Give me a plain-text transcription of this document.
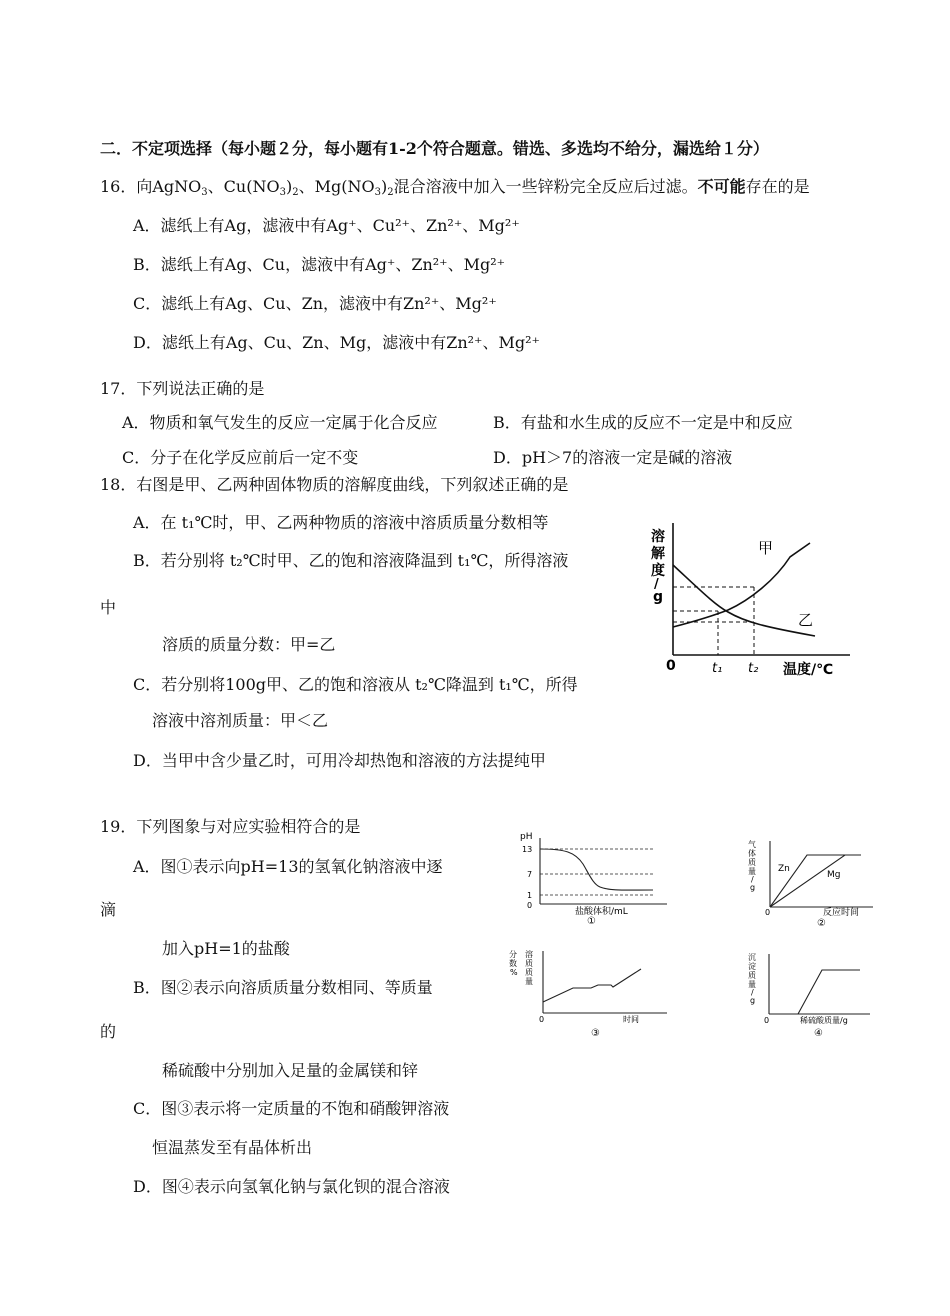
二．不定项选择（每小题２分，每小题有1-2个符合题意。错选、多选均不给分，漏选给１分）
16．向AgNO$_3$、$Cu(NO_3)_2$、$Mg(NO_3)_2$混合溶液中加入一些锌粉完全反应后过滤。不可能存在的是
A．滤纸上有Ag，滤液中有Ag⁺、Cu²⁺、Zn²⁺、Mg²⁺
B．滤纸上有Ag、Cu，滤液中有Ag⁺、Zn²⁺、Mg²⁺
C．滤纸上有Ag、Cu、Zn，滤液中有Zn²⁺、Mg²⁺
D．滤纸上有Ag、Cu、Zn、Mg，滤液中有Zn²⁺、Mg²⁺
17．下列说法正确的是
A．物质和氧气发生的反应一定属于化合反应	B．有盐和水生成的反应不一定是中和反应
C．分子在化学反应前后一定不变	D．pH＞7的溶液一定是碱的溶液
18．右图是甲、乙两种固体物质的溶解度曲线，下列叙述正确的是
A．在 t₁℃时，甲、乙两种物质的溶液中溶质质量分数相等
B．若分别将 t₂℃时甲、乙的饱和溶液降温到 t₁℃，所得溶液
中
溶质的质量分数：甲=乙
C．若分别将100g甲、乙的饱和溶液从 t₂℃降温到 t₁℃，所得
溶液中溶剂质量：甲＜乙
D．当甲中含少量乙时，可用冷却热饱和溶液的方法提纯甲
溶
解
度
/
g
0	t₁ t₂ 温度/℃
甲
乙
19．下列图象与对应实验相符合的是
A．图①表示向pH=13的氢氧化钠溶液中逐
滴
加入pH=1的盐酸
B．图②表示向溶质质量分数相同、等质量
的
稀硫酸中分别加入足量的金属镁和锌
C．图③表示将一定质量的不饱和硝酸钾溶液
恒温蒸发至有晶体析出
D．图④表示向氢氧化钠与氯化钡的混合溶液
pH
13
7
1
0
盐酸体积/mL
①
气
体
质
量
/
g
0
Zn
Mg
反应时间
②
溶
质
质
量
分
数
%
0	时间
③
沉
淀
质
量
/
g
0	稀硫酸质量/g
④
